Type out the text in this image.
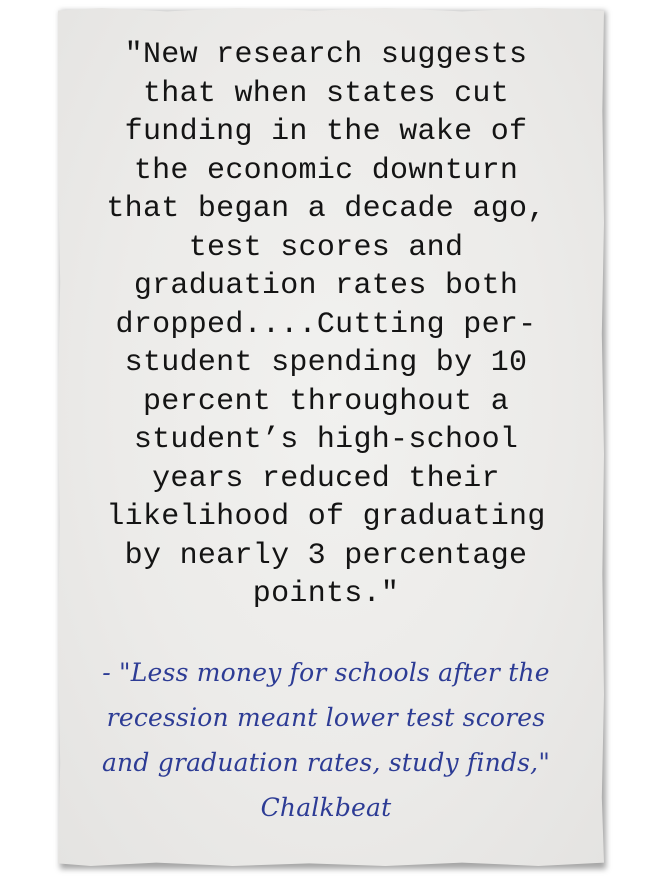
"New research suggests
that when states cut
funding in the wake of
the economic downturn
that began a decade ago,
test scores and
graduation rates both
dropped....Cutting per-
student spending by 10
percent throughout a
student’s high-school
years reduced their
likelihood of graduating
by nearly 3 percentage
points."

- "Less money for schools after the
recession meant lower test scores
and graduation rates, study finds,"
Chalkbeat
